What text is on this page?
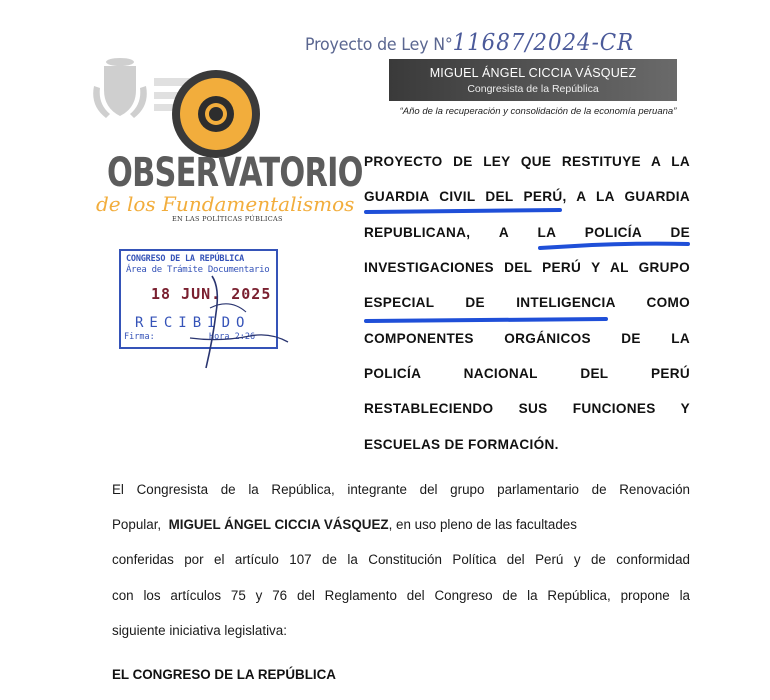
Proyecto de Ley N°11687/2024-CR
OBSERVATORIO
de los Fundamentalismos
EN LAS POLÍTICAS PÚBLICAS
MIGUEL ÁNGEL CICCIA VÁSQUEZ
Congresista de la República
“Año de la recuperación y consolidación de la economía peruana”
CONGRESO DE LA REPÚBLICA
Área de Trámite Documentario
18 JUN. 2025
RECIBIDO
Firma:	Hora 2:26
PROYECTO DE LEY QUE RESTITUYE A LA
GUARDIA CIVIL DEL PERÚ, A LA GUARDIA
REPUBLICANA, A LA POLICÍA DE
INVESTIGACIONES DEL PERÚ Y AL GRUPO
ESPECIAL DE INTELIGENCIA COMO
COMPONENTES ORGÁNICOS DE LA
POLICÍA NACIONAL DEL PERÚ
RESTABLECIENDO SUS FUNCIONES Y
ESCUELAS DE FORMACIÓN.
El Congresista de la República, integrante del grupo parlamentario de Renovación
Popular, MIGUEL ÁNGEL CICCIA VÁSQUEZ, en uso pleno de las facultades
conferidas por el artículo 107 de la Constitución Política del Perú y de conformidad
con los artículos 75 y 76 del Reglamento del Congreso de la República, propone la
siguiente iniciativa legislativa:
EL CONGRESO DE LA REPÚBLICA
